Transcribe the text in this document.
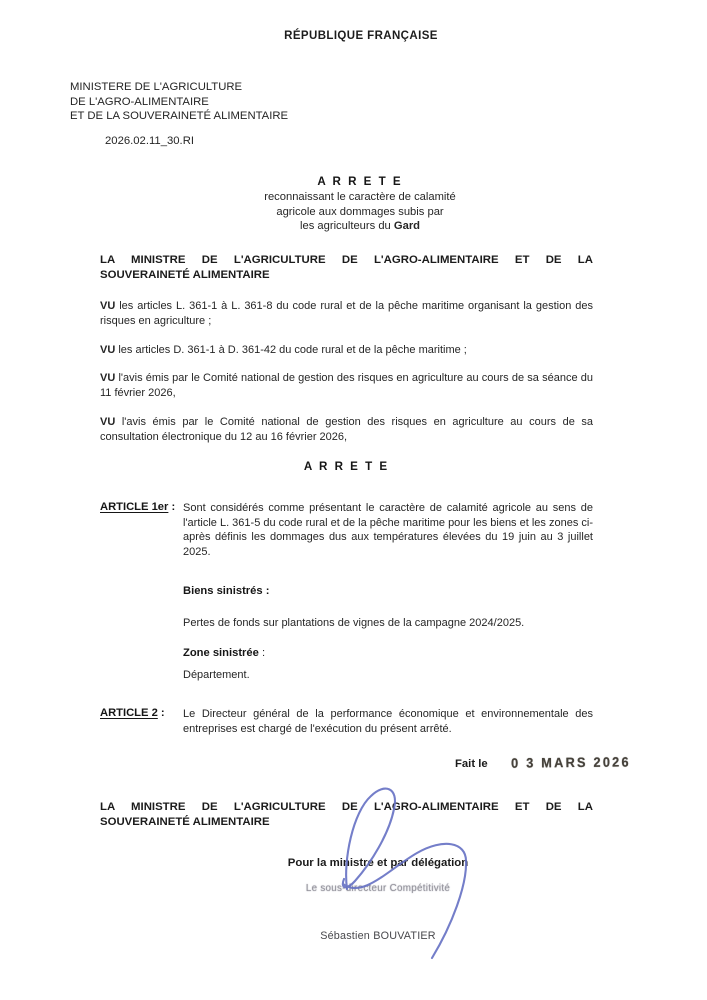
RÉPUBLIQUE FRANÇAISE
MINISTERE DE L'AGRICULTURE
DE L'AGRO-ALIMENTAIRE
ET DE LA SOUVERAINETÉ ALIMENTAIRE
2026.02.11_30.RI
A R R E T E
reconnaissant le caractère de calamité
agricole aux dommages subis par
les agriculteurs du Gard
LA MINISTRE DE L'AGRICULTURE DE L'AGRO-ALIMENTAIRE ET DE LA
SOUVERAINETÉ ALIMENTAIRE
VU les articles L. 361-1 à L. 361-8 du code rural et de la pêche maritime organisant la gestion des risques en agriculture ;
VU les articles D. 361-1 à D. 361-42 du code rural et de la pêche maritime ;
VU l'avis émis par le Comité national de gestion des risques en agriculture au cours de sa séance du 11 février 2026,
VU l'avis émis par le Comité national de gestion des risques en agriculture au cours de sa consultation électronique du 12 au 16 février 2026,
A R R E T E
ARTICLE 1er : Sont considérés comme présentant le caractère de calamité agricole au sens de l'article L. 361-5 du code rural et de la pêche maritime pour les biens et les zones ci-après définis les dommages dus aux températures élevées du 19 juin au 3 juillet 2025.
Biens sinistrés :
Pertes de fonds sur plantations de vignes de la campagne 2024/2025.
Zone sinistrée :
Département.
ARTICLE 2 : Le Directeur général de la performance économique et environnementale des entreprises est chargé de l'exécution du présent arrêté.
Fait le 0 3 MARS 2026
LA MINISTRE DE L'AGRICULTURE DE L'AGRO-ALIMENTAIRE ET DE LA
SOUVERAINETÉ ALIMENTAIRE
Pour la ministre et par délégation
Le sous-directeur Compétitivité
Sébastien BOUVATIER
